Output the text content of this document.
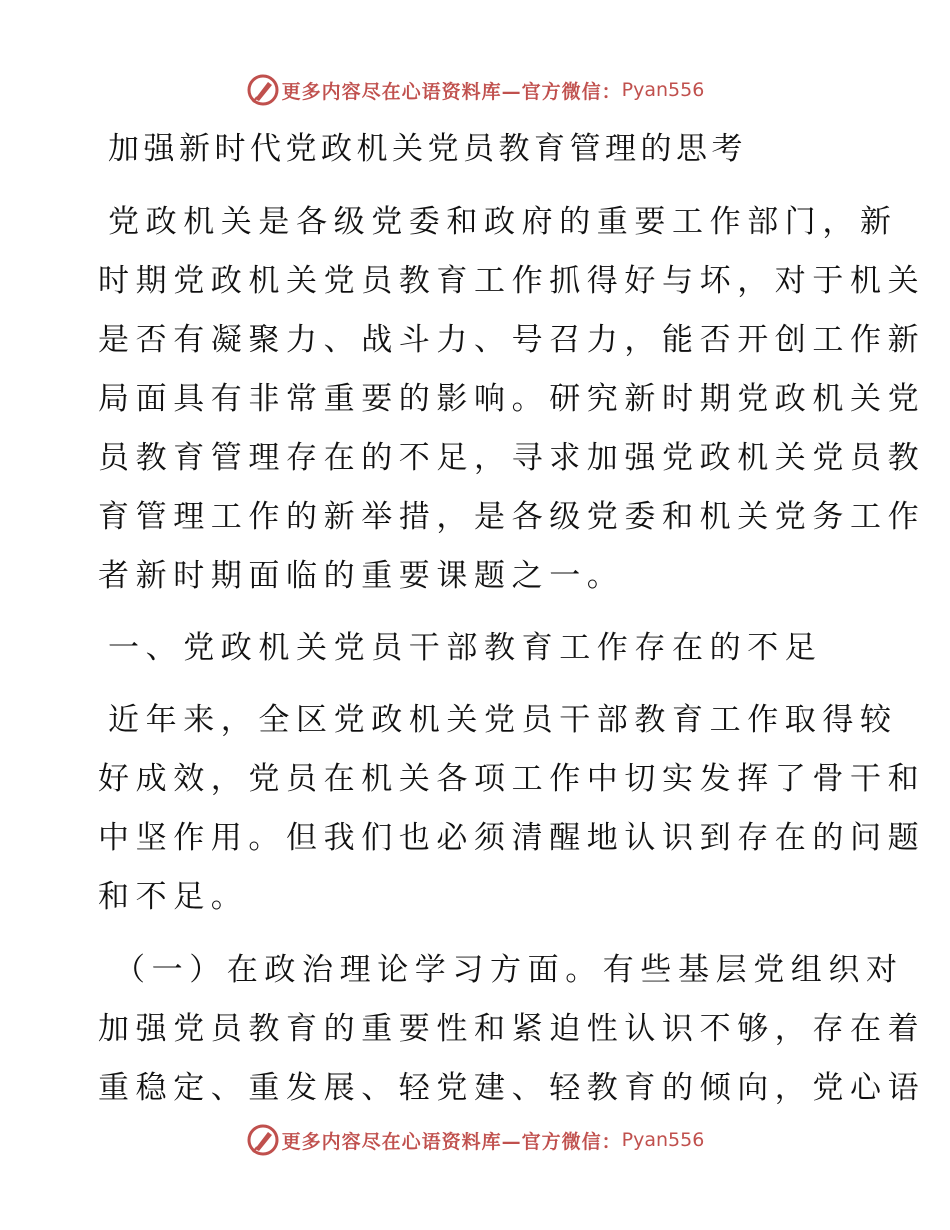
更多内容尽在心语资料库—官方微信： Pyan556
加强新时代党政机关党员教育管理的思考
党政机关是各级党委和政府的重要工作部门，新
时期党政机关党员教育工作抓得好与坏，对于机关
是否有凝聚力、战斗力、号召力，能否开创工作新
局面具有非常重要的影响。研究新时期党政机关党
员教育管理存在的不足，寻求加强党政机关党员教
育管理工作的新举措，是各级党委和机关党务工作
者新时期面临的重要课题之一。
一、党政机关党员干部教育工作存在的不足
近年来，全区党政机关党员干部教育工作取得较
好成效，党员在机关各项工作中切实发挥了骨干和
中坚作用。但我们也必须清醒地认识到存在的问题
和不足。
（一）在政治理论学习方面。有些基层党组织对
加强党员教育的重要性和紧迫性认识不够，存在着
重稳定、重发展、轻党建、轻教育的倾向，党心语
更多内容尽在心语资料库—官方微信： Pyan556
